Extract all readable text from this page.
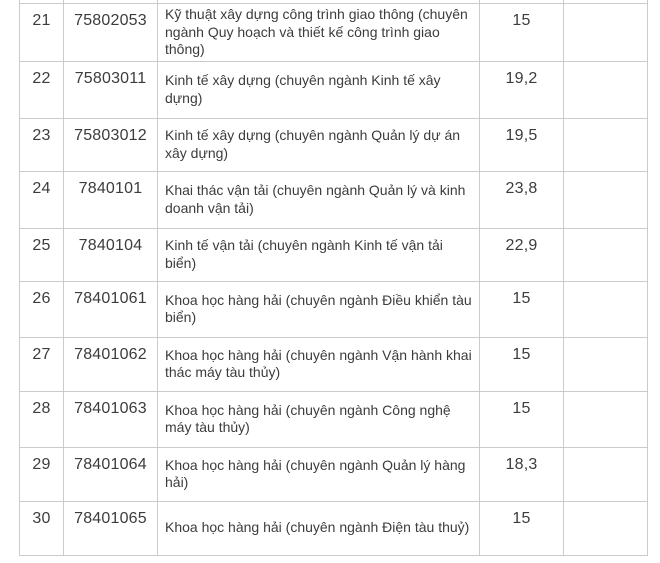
21	75802053	Kỹ thuật xây dựng công trình giao thông (chuyên ngành Quy hoạch và thiết kế công trình giao thông)	15	
22	75803011	Kinh tế xây dựng (chuyên ngành Kinh tế xây dựng)	19,2	
23	75803012	Kinh tế xây dựng (chuyên ngành Quản lý dự án xây dựng)	19,5	
24	7840101	Khai thác vận tải (chuyên ngành Quản lý và kinh doanh vận tải)	23,8	
25	7840104	Kinh tế vận tải (chuyên ngành Kinh tế vận tải biển)	22,9	
26	78401061	Khoa học hàng hải (chuyên ngành Điều khiển tàu biển)	15	
27	78401062	Khoa học hàng hải (chuyên ngành Vận hành khai thác máy tàu thủy)	15	
28	78401063	Khoa học hàng hải (chuyên ngành Công nghệ máy tàu thủy)	15	
29	78401064	Khoa học hàng hải (chuyên ngành Quản lý hàng hải)	18,3	
30	78401065	Khoa học hàng hải (chuyên ngành Điện tàu thuỷ)	15	
